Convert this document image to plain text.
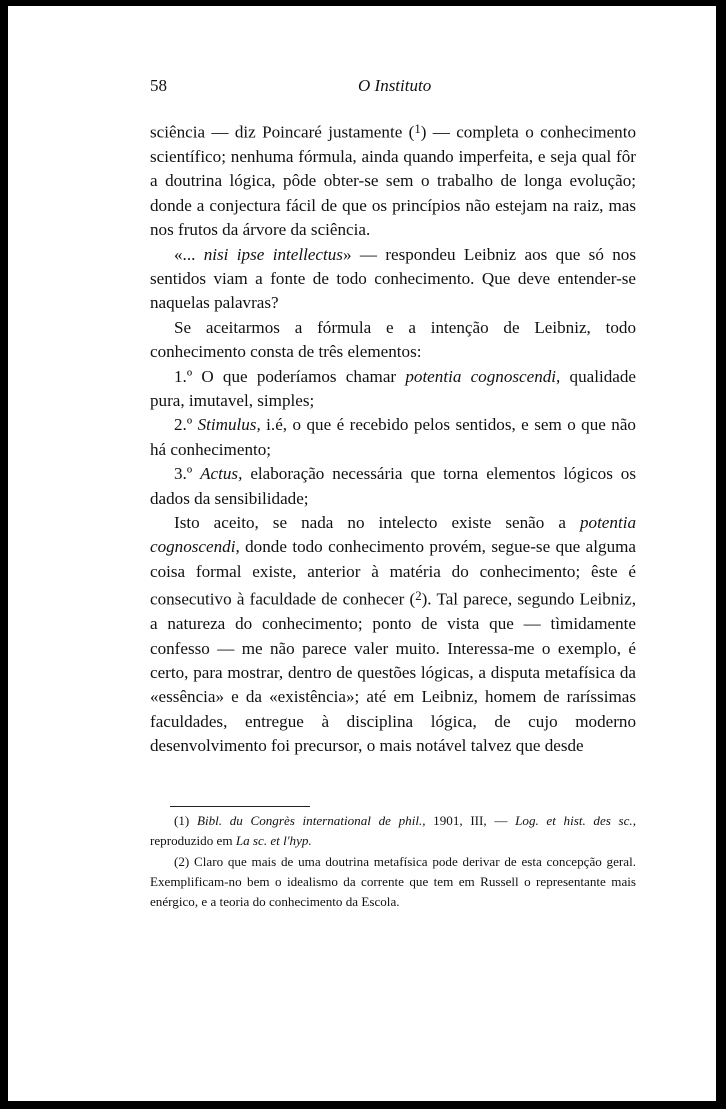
58	O Instituto

sciência — diz Poincaré justamente ($^1$) — completa o conhecimento scientífico; nenhuma fórmula, ainda quando imperfeita, e seja qual fôr a doutrina lógica, pôde obter-se sem o trabalho de longa evolução; donde a conjectura fácil de que os princípios não estejam na raiz, mas nos frutos da árvore da sciência.

«... nisi ipse intellectus» — respondeu Leibniz aos que só nos sentidos viam a fonte de todo conhecimento. Que deve entender-se naquelas palavras?

Se aceitarmos a fórmula e a intenção de Leibniz, todo conhecimento consta de três elementos:

1.º O que poderíamos chamar potentia cognoscendi, qualidade pura, imutavel, simples;

2.º Stimulus, i.é, o que é recebido pelos sentidos, e sem o que não há conhecimento;

3.º Actus, elaboração necessária que torna elementos lógicos os dados da sensibilidade;

Isto aceito, se nada no intelecto existe senão a potentia cognoscendi, donde todo conhecimento provém, segue-se que alguma coisa formal existe, anterior à matéria do conhecimento; êste é consecutivo à faculdade de conhecer ($^2$). Tal parece, segundo Leibniz, a natureza do conhecimento; ponto de vista que — tìmidamente confesso — me não parece valer muito. Interessa-me o exemplo, é certo, para mostrar, dentro de questões lógicas, a disputa metafísica da «essência» e da «existência»; até em Leibniz, homem de raríssimas faculdades, entregue à disciplina lógica, de cujo moderno desenvolvimento foi precursor, o mais notável talvez que desde

(1) Bibl. du Congrès international de phil., 1901, III, — Log. et hist. des sc., reproduzido em La sc. et l'hyp.

(2) Claro que mais de uma doutrina metafísica pode derivar de esta concepção geral. Exemplificam-no bem o idealismo da corrente que tem em Russell o representante mais enérgico, e a teoria do conhecimento da Escola.
